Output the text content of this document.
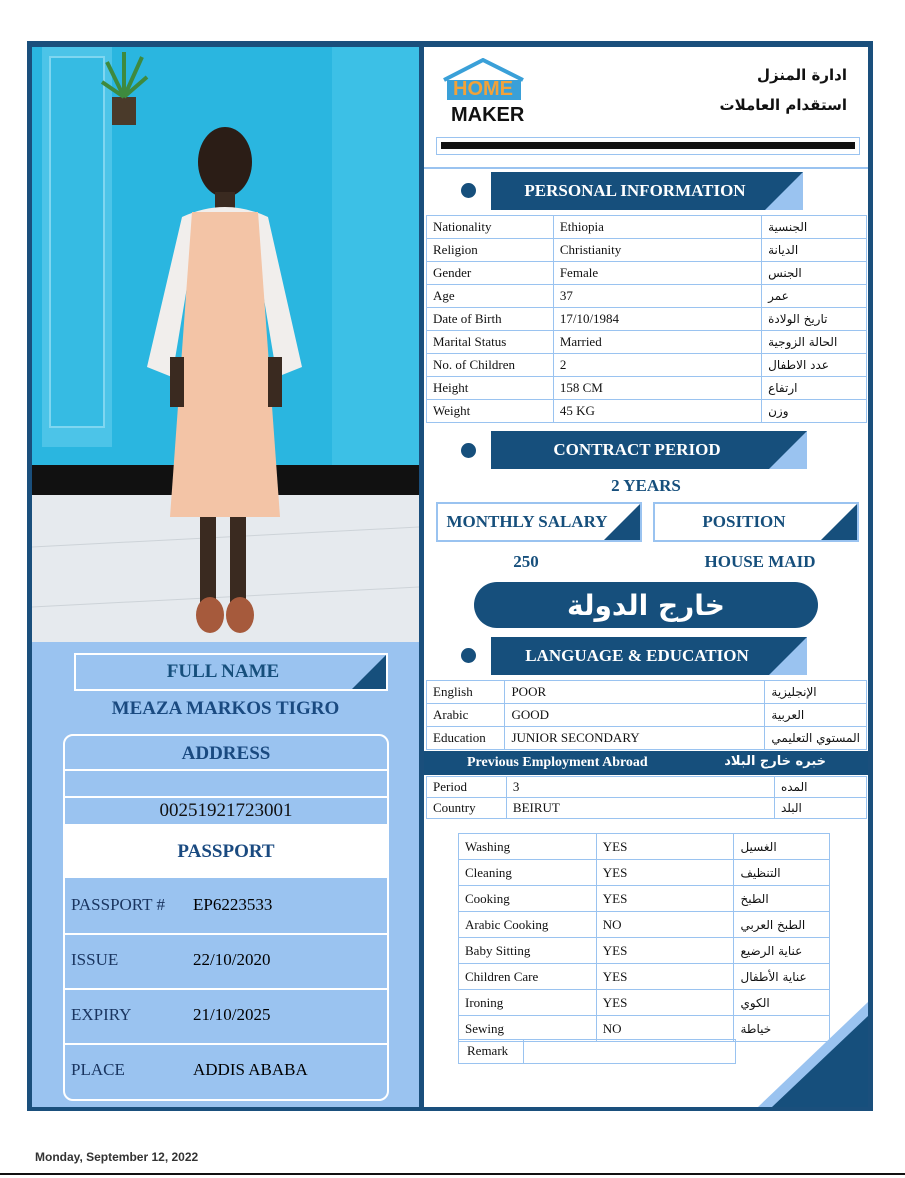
HOME
MAKER
ادارة المنزل
استقدام العاملات
PERSONAL INFORMATION
Nationality	Ethiopia	الجنسية
Religion	Christianity	الديانة
Gender	Female	الجنس
Age	37	عمر
Date of Birth	17/10/1984	تاريخ الولادة
Marital Status	Married	الحالة الزوجية
No. of Children	2	عدد الاطفال
Height	158 CM	ارتفاع
Weight	45 KG	وزن
CONTRACT PERIOD
2 YEARS
MONTHLY SALARY	POSITION
250	HOUSE MAID
خارج الدولة
LANGUAGE & EDUCATION
English	POOR	الإنجليزية
Arabic	GOOD	العربية
Education	JUNIOR SECONDARY	المستوي التعليمي
Previous Employment Abroad	خبره خارج البلاد
Period	3	المده
Country	BEIRUT	البلد
Washing	YES	الغسيل
Cleaning	YES	التنظيف
Cooking	YES	الطبخ
Arabic Cooking	NO	الطبخ العربي
Baby Sitting	YES	عناية الرضيع
Children Care	YES	عناية الأطفال
Ironing	YES	الكوي
Sewing	NO	خياطة
Remark
FULL NAME
MEAZA MARKOS TIGRO
ADDRESS
00251921723001
PASSPORT
PASSPORT # EP6223533
ISSUE	22/10/2020
EXPIRY	21/10/2025
PLACE	ADDIS ABABA
Monday, September 12, 2022
